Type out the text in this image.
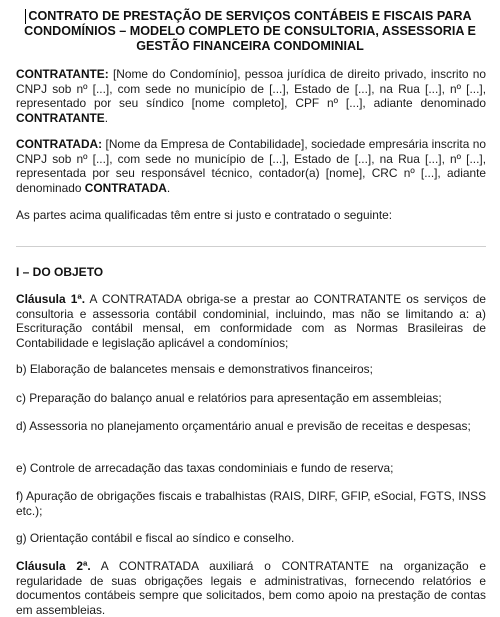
CONTRATO DE PRESTAÇÃO DE SERVIÇOS CONTÁBEIS E FISCAIS PARA CONDOMÍNIOS – MODELO COMPLETO DE CONSULTORIA, ASSESSORIA E GESTÃO FINANCEIRA CONDOMINIAL

CONTRATANTE: [Nome do Condomínio], pessoa jurídica de direito privado, inscrito no CNPJ sob nº [...], com sede no município de [...], Estado de [...], na Rua [...], nº [...], representado por seu síndico [nome completo], CPF nº [...], adiante denominado CONTRATANTE.

CONTRATADA: [Nome da Empresa de Contabilidade], sociedade empresária inscrita no CNPJ sob nº [...], com sede no município de [...], Estado de [...], na Rua [...], nº [...], representada por seu responsável técnico, contador(a) [nome], CRC nº [...], adiante denominado CONTRATADA.

As partes acima qualificadas têm entre si justo e contratado o seguinte:

I – DO OBJETO

Cláusula 1ª. A CONTRATADA obriga-se a prestar ao CONTRATANTE os serviços de consultoria e assessoria contábil condominial, incluindo, mas não se limitando a: a) Escrituração contábil mensal, em conformidade com as Normas Brasileiras de Contabilidade e legislação aplicável a condomínios;

b) Elaboração de balancetes mensais e demonstrativos financeiros;

c) Preparação do balanço anual e relatórios para apresentação em assembleias;

d) Assessoria no planejamento orçamentário anual e previsão de receitas e despesas;

e) Controle de arrecadação das taxas condominiais e fundo de reserva;

f) Apuração de obrigações fiscais e trabalhistas (RAIS, DIRF, GFIP, eSocial, FGTS, INSS etc.);

g) Orientação contábil e fiscal ao síndico e conselho.

Cláusula 2ª. A CONTRATADA auxiliará o CONTRATANTE na organização e regularidade de suas obrigações legais e administrativas, fornecendo relatórios e documentos contábeis sempre que solicitados, bem como apoio na prestação de contas em assembleias.
